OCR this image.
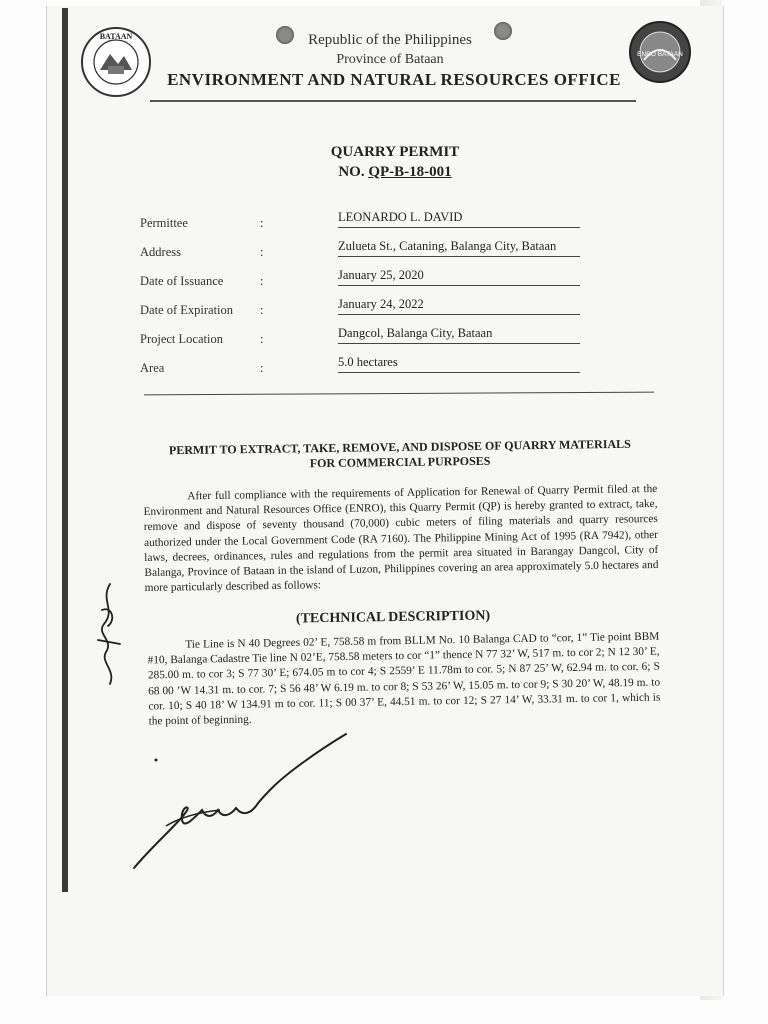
BATAAN	Republic of the Philippines
Province of Bataan
ENVIRONMENT AND NATURAL RESOURCES OFFICE
ENRO BATAAN
QUARRY PERMIT
NO. QP-B-18-001
Permittee	:	LEONARDO L. DAVID
Address	:	Zulueta St., Cataning, Balanga City, Bataan
Date of Issuance	:	January 25, 2020
Date of Expiration :	January 24, 2022
Project Location	:	Dangcol, Balanga City, Bataan
Area	:	5.0 hectares
PERMIT TO EXTRACT, TAKE, REMOVE, AND DISPOSE OF QUARRY MATERIALS
FOR COMMERCIAL PURPOSES
After full compliance with the requirements of Application for Renewal of Quarry Permit filed at the Environment and Natural Resources Office (ENRO), this Quarry Permit (QP) is hereby granted to extract, take, remove and dispose of seventy thousand (70,000) cubic meters of filing materials and quarry resources authorized under the Local Government Code (RA 7160). The Philippine Mining Act of 1995 (RA 7942), other laws, decrees, ordinances, rules and regulations from the permit area situated in Barangay Dangcol, City of Balanga, Province of Bataan in the island of Luzon, Philippines covering an area approximately 5.0 hectares and more particularly described as follows:
(TECHNICAL DESCRIPTION)
Tie Line is N 40 Degrees 02’ E, 758.58 m from BLLM No. 10 Balanga CAD to “cor, 1” Tie point BBM #10, Balanga Cadastre Tie line N 02’E, 758.58 meters to cor “1” thence N 77 32’ W, 517 m. to cor 2; N 12 30’ E, 285.00 m. to cor 3; S 77 30’ E; 674.05 m to cor 4; S 2559’ E 11.78m to cor. 5; N 87 25’ W, 62.94 m. to cor. 6; S 68 00 ’W 14.31 m. to cor. 7; S 56 48’ W 6.19 m. to cor 8; S 53 26’ W, 15.05 m. to cor 9; S 30 20’ W, 48.19 m. to cor. 10; S 40 18’ W 134.91 m to cor. 11; S 00 37’ E, 44.51 m. to cor 12; S 27 14’ W, 33.31 m. to cor 1, which is the point of beginning.
